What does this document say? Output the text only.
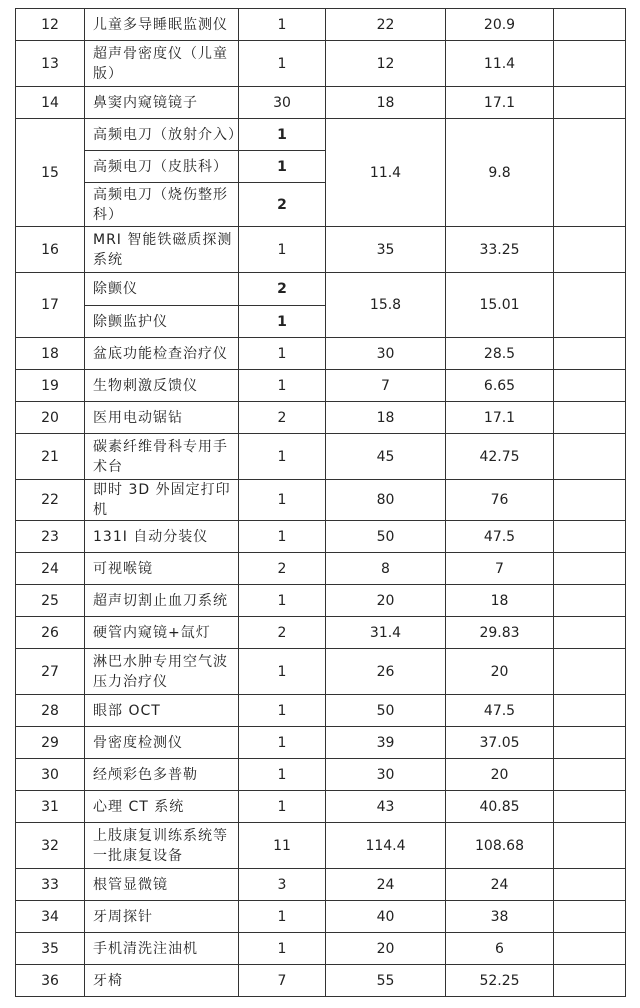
12	儿童多导睡眠监测仪	1	22	20.9	
13	超声骨密度仪（儿童版）	1	12	11.4	
14	鼻窦内窥镜镜子	30	18	17.1	
15	高频电刀（放射介入）	1	11.4	9.8	
	高频电刀（皮肤科）	1			
	高频电刀（烧伤整形科）	2			
16	MRI 智能铁磁质探测系统	1	35	33.25	
17	除颤仪	2	15.8	15.01	
	除颤监护仪	1			
18	盆底功能检查治疗仪	1	30	28.5	
19	生物刺激反馈仪	1	7	6.65	
20	医用电动锯钻	2	18	17.1	
21	碳素纤维骨科专用手术台	1	45	42.75	
22	即时 3D 外固定打印机	1	80	76	
23	131I 自动分装仪	1	50	47.5	
24	可视喉镜	2	8	7	
25	超声切割止血刀系统	1	20	18	
26	硬管内窥镜+氙灯	2	31.4	29.83	
27	淋巴水肿专用空气波压力治疗仪	1	26	20	
28	眼部 OCT	1	50	47.5	
29	骨密度检测仪	1	39	37.05	
30	经颅彩色多普勒	1	30	20	
31	心理 CT 系统	1	43	40.85	
32	上肢康复训练系统等一批康复设备	11	114.4	108.68	
33	根管显微镜	3	24	24	
34	牙周探针	1	40	38	
35	手机清洗注油机	1	20	6	
36	牙椅	7	55	52.25	
